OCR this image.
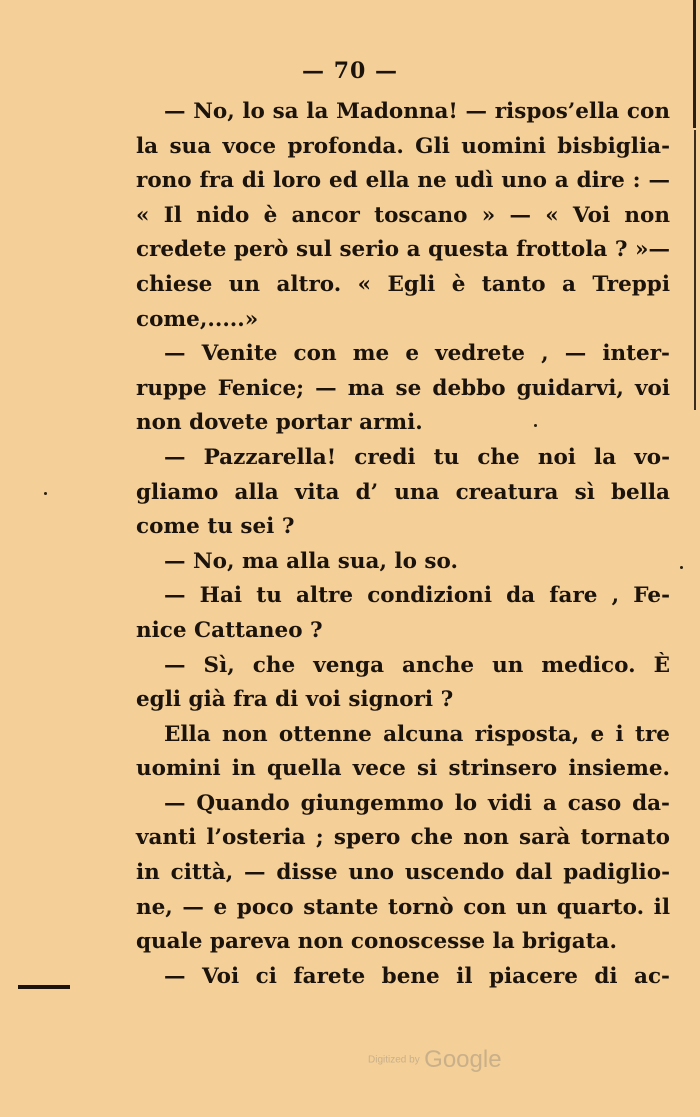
— 70 —
— No, lo sa la Madonna! — rispos’ella con
la sua voce profonda. Gli uomini bisbiglia-
rono fra di loro ed ella ne udì uno a dire : —
« Il nido è ancor toscano » — « Voi non
credete però sul serio a questa frottola ? »—
chiese un altro. « Egli è tanto a Treppi
come,.....»
— Venite con me e vedrete , — inter-
ruppe Fenice; — ma se debbo guidarvi, voi
non dovete portar armi.
— Pazzarella! credi tu che noi la vo-
gliamo alla vita d’ una creatura sì bella
come tu sei ?
— No, ma alla sua, lo so.
— Hai tu altre condizioni da fare , Fe-
nice Cattaneo ?
— Sì, che venga anche un medico. È
egli già fra di voi signori ?
Ella non ottenne alcuna risposta, e i tre
uomini in quella vece si strinsero insieme.
— Quando giungemmo lo vidi a caso da-
vanti l’osteria ; spero che non sarà tornato
in città, — disse uno uscendo dal padiglio-
ne, — e poco stante tornò con un quarto. il
quale pareva non conoscesse la brigata.
— Voi ci farete bene il piacere di ac-
Digitized by Google
